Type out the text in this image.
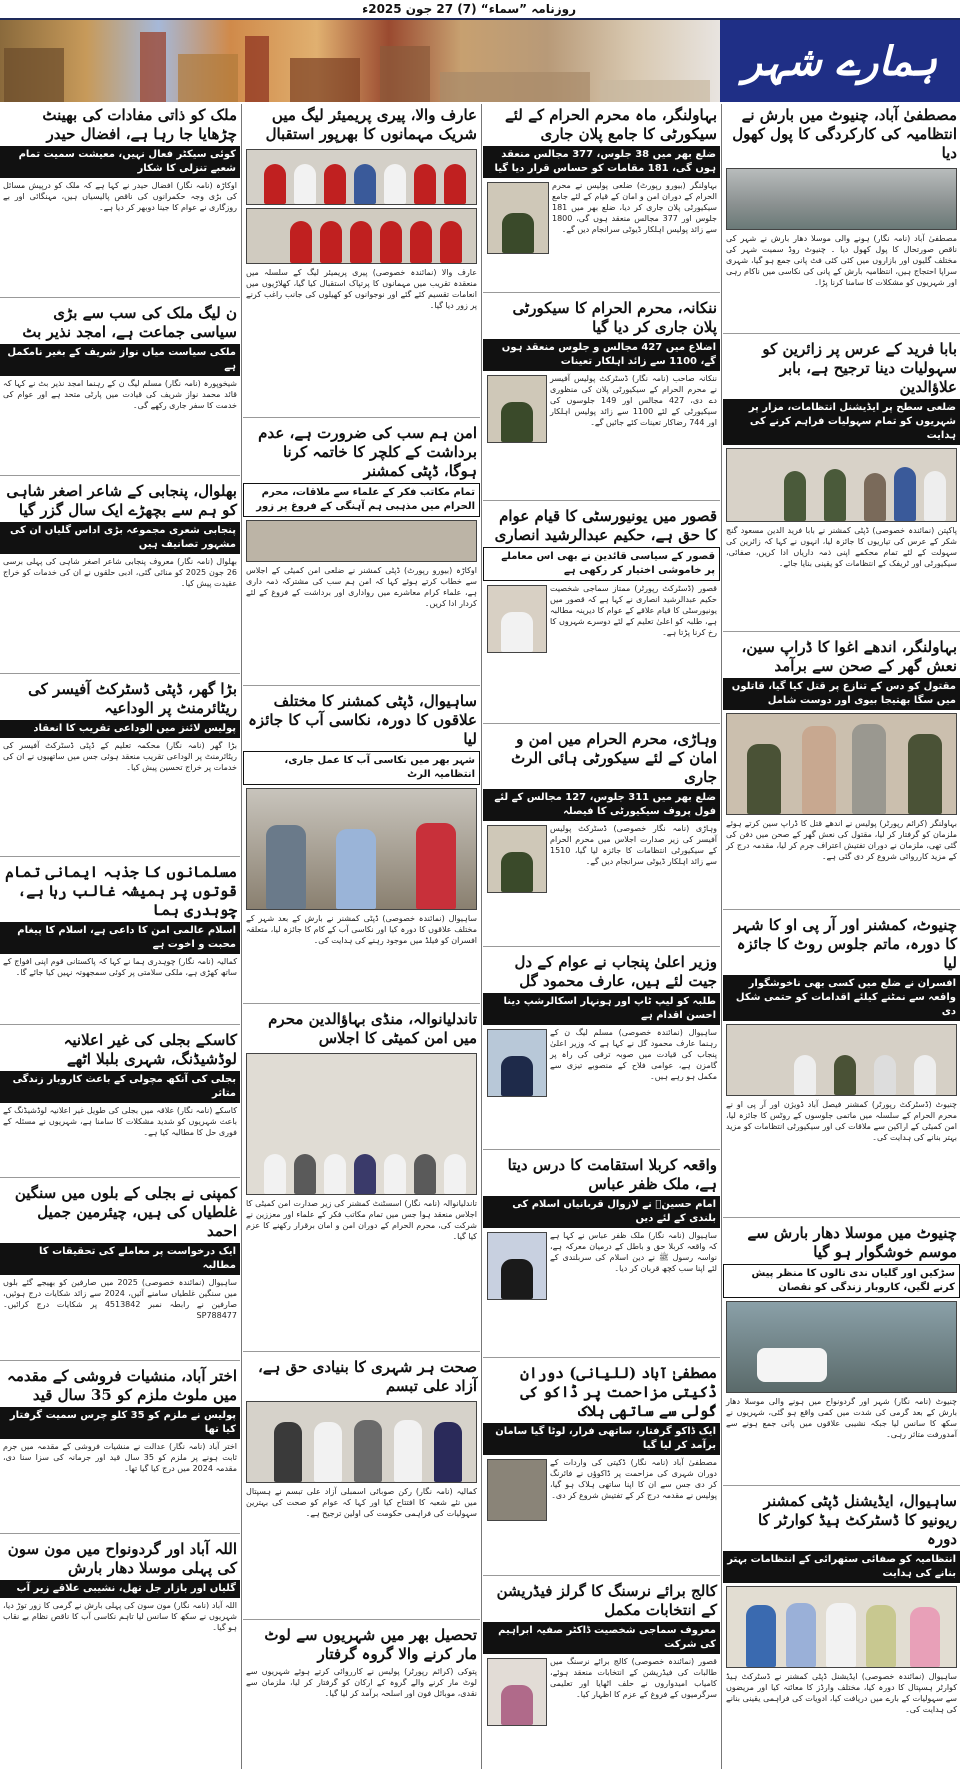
روزنامہ ”سماء“ (7) 27 جون 2025ء
ہمارے شہر

مصطفیٰ آباد، چنیوٹ میں بارش نے انتظامیہ کی کارکردگی کا پول کھول دیا

مصطفیٰ آباد (نامہ نگار) ہونے والی موسلا دھار بارش نے شہر کی ناقص صورتحال کا پول کھول دیا ۔ چنیوٹ روڈ سمیت شہر کی مختلف گلیوں اور بازاروں میں کئی کئی فٹ پانی جمع ہو گیا، شہری سراپا احتجاج ہیں، انتظامیہ بارش کے پانی کی نکاسی میں ناکام رہی اور شہریوں کو مشکلات کا سامنا کرنا پڑا۔

بابا فرید کے عرس پر زائرین کو سہولیات دینا ترجیح ہے، بابر علاؤالدین

ضلعی سطح پر ایڈیشنل انتظامات، مزار پر شہریوں کو تمام سہولیات فراہم کرنے کی ہدایت

پاکپتن (نمائندہ خصوصی) ڈپٹی کمشنر نے بابا فرید الدین مسعود گنج شکر کے عرس کی تیاریوں کا جائزہ لیا، انہوں نے کہا کہ زائرین کی سہولت کے لئے تمام محکمے اپنی ذمہ داریاں ادا کریں، صفائی، سیکیورٹی اور ٹریفک کے انتظامات کو یقینی بنایا جائے۔

بہاولنگر، اندھے اغوا کا ڈراپ سین، نعش گھر کے صحن سے برآمد

مقتول کو دس کے تنازع پر قتل کیا گیا، قاتلوں میں سگا بھتیجا بیوی اور دوست شامل

بہاولنگر (کرائم رپورٹر) پولیس نے اندھے قتل کا ڈراپ سین کرتے ہوئے ملزمان کو گرفتار کر لیا، مقتول کی نعش گھر کے صحن میں دفن کی گئی تھی، ملزمان نے دوران تفتیش اعتراف جرم کر لیا، مقدمہ درج کر کے مزید کارروائی شروع کر دی گئی ہے۔

چنیوٹ، کمشنر اور آر پی او کا شہر کا دورہ، ماتم جلوس روٹ کا جائزہ لیا

افسران نے ضلع میں کسی بھی ناخوشگوار واقعہ سے نمٹنے کیلئے اقدامات کو حتمی شکل دی

چنیوٹ (ڈسٹرکٹ رپورٹر) کمشنر فیصل آباد ڈویژن اور آر پی او نے محرم الحرام کے سلسلہ میں ماتمی جلوسوں کے روٹس کا جائزہ لیا، امن کمیٹی کے اراکین سے ملاقات کی اور سیکیورٹی انتظامات کو مزید بہتر بنانے کی ہدایت کی۔

چنیوٹ میں موسلا دھار بارش سے موسم خوشگوار ہو گیا

سڑکیں اور گلیاں ندی نالوں کا منظر پیش کرنے لگیں، کاروبار زندگی کو نقصان

چنیوٹ (نامہ نگار) شہر اور گردونواح میں ہونے والی موسلا دھار بارش کے بعد گرمی کی شدت میں کمی واقع ہو گئی، شہریوں نے سکھ کا سانس لیا جبکہ نشیبی علاقوں میں پانی جمع ہونے سے آمدورفت متاثر رہی۔

ساہیوال، ایڈیشنل ڈپٹی کمشنر ریونیو کا ڈسٹرکٹ ہیڈ کوارٹر کا دورہ

انتظامیہ کو صفائی ستھرائی کے انتظامات بہتر بنانے کی ہدایت

ساہیوال (نمائندہ خصوصی) ایڈیشنل ڈپٹی کمشنر نے ڈسٹرکٹ ہیڈ کوارٹر ہسپتال کا دورہ کیا، مختلف وارڈز کا معائنہ کیا اور مریضوں سے سہولیات کے بارے میں دریافت کیا، ادویات کی فراہمی یقینی بنانے کی ہدایت کی۔

بہاولنگر، ماہ محرم الحرام کے لئے سیکورٹی کا جامع پلان جاری

ضلع بھر میں 38 جلوس، 377 مجالس منعقد ہوں گی، 181 مقامات کو حساس قرار دیا گیا

بہاولنگر (بیورو رپورٹ) ضلعی پولیس نے محرم الحرام کے دوران امن و امان کے قیام کے لئے جامع سیکیورٹی پلان جاری کر دیا، ضلع بھر میں 181 جلوس اور 377 مجالس منعقد ہوں گی، 1800 سے زائد پولیس اہلکار ڈیوٹی سرانجام دیں گے۔

ننکانہ، محرم الحرام کا سیکورٹی پلان جاری کر دیا گیا

اضلاع میں 427 مجالس و جلوس منعقد ہوں گے، 1100 سے زائد اہلکار تعینات

ننکانہ صاحب (نامہ نگار) ڈسٹرکٹ پولیس آفیسر نے محرم الحرام کے سیکیورٹی پلان کی منظوری دے دی، 427 مجالس اور 149 جلوسوں کی سیکیورٹی کے لئے 1100 سے زائد پولیس اہلکار اور 744 رضاکار تعینات کئے جائیں گے۔

قصور میں یونیورسٹی کا قیام عوام کا حق ہے، حکیم عبدالرشید انصاری

قصور کے سیاسی قائدین نے بھی اس معاملے پر خاموشی اختیار کر رکھی ہے

قصور (ڈسٹرکٹ رپورٹر) ممتاز سماجی شخصیت حکیم عبدالرشید انصاری نے کہا ہے کہ قصور میں یونیورسٹی کا قیام علاقے کے عوام کا دیرینہ مطالبہ ہے، طلبہ کو اعلیٰ تعلیم کے لئے دوسرے شہروں کا رخ کرنا پڑتا ہے۔

وہاڑی، محرم الحرام میں امن و امان کے لئے سیکورٹی ہائی الرٹ جاری

ضلع بھر میں 311 جلوس، 127 مجالس کے لئے فول پروف سیکیورٹی کا فیصلہ

وہاڑی (نامہ نگار خصوصی) ڈسٹرکٹ پولیس آفیسر کی زیر صدارت اجلاس میں محرم الحرام کے سیکیورٹی انتظامات کا جائزہ لیا گیا، 1510 سے زائد اہلکار ڈیوٹی سرانجام دیں گے۔

وزیر اعلیٰ پنجاب نے عوام کے دل جیت لئے ہیں، عارف محمود گل

طلبہ کو لیپ ٹاپ اور ہونہار اسکالرشپ دینا احسن اقدام ہے

ساہیوال (نمائندہ خصوصی) مسلم لیگ ن کے رہنما عارف محمود گل نے کہا ہے کہ وزیر اعلیٰ پنجاب کی قیادت میں صوبہ ترقی کی راہ پر گامزن ہے، عوامی فلاح کے منصوبے تیزی سے مکمل ہو رہے ہیں۔

واقعہ کربلا استقامت کا درس دیتا ہے، ملک ظفر عباس

امام حسینؑ نے لازوال قربانیاں اسلام کی بلندی کے لئے دیں

ساہیوال (نامہ نگار) ملک ظفر عباس نے کہا ہے کہ واقعہ کربلا حق و باطل کے درمیان معرکہ ہے، نواسہ رسول ﷺ نے دین اسلام کی سربلندی کے لئے اپنا سب کچھ قربان کر دیا۔

مصطفیٰ آباد (للیانی) دوران ڈکیتی مزاحمت پر ڈاکو کی گولی سے ساتھی ہلاک

ایک ڈاکو گرفتار، ساتھی فرار، لوٹا گیا سامان برآمد کر لیا گیا

مصطفیٰ آباد (نامہ نگار) ڈکیتی کی واردات کے دوران شہری کی مزاحمت پر ڈاکوؤں نے فائرنگ کر دی جس سے ان کا اپنا ساتھی ہلاک ہو گیا، پولیس نے مقدمہ درج کر کے تفتیش شروع کر دی۔

کالج برائے نرسنگ کا گرلز فیڈریشن کے انتخابات مکمل

معروف سماجی شخصیت ڈاکٹر صفیہ ابراہیم کی شرکت

قصور (نمائندہ خصوصی) کالج برائے نرسنگ میں طالبات کی فیڈریشن کے انتخابات منعقد ہوئے، کامیاب امیدواروں نے حلف اٹھایا اور تعلیمی سرگرمیوں کے فروغ کے عزم کا اظہار کیا۔

عارف والا، پیری پریمیئر لیگ میں شریک مہمانوں کا بھرپور استقبال

عارف والا (نمائندہ خصوصی) پیری پریمیئر لیگ کے سلسلہ میں منعقدہ تقریب میں مہمانوں کا پرتپاک استقبال کیا گیا، کھلاڑیوں میں انعامات تقسیم کئے گئے اور نوجوانوں کو کھیلوں کی جانب راغب کرنے پر زور دیا گیا۔

امن ہم سب کی ضرورت ہے، عدم برداشت کے کلچر کا خاتمہ کرنا ہوگا، ڈپٹی کمشنر

تمام مکاتب فکر کے علماء سے ملاقات، محرم الحرام میں مذہبی ہم آہنگی کے فروغ پر زور

اوکاڑہ (بیورو رپورٹ) ڈپٹی کمشنر نے ضلعی امن کمیٹی کے اجلاس سے خطاب کرتے ہوئے کہا کہ امن ہم سب کی مشترکہ ذمہ داری ہے، علماء کرام معاشرے میں رواداری اور برداشت کے فروغ کے لئے کردار ادا کریں۔

ساہیوال، ڈپٹی کمشنر کا مختلف علاقوں کا دورہ، نکاسی آب کا جائزہ لیا

شہر بھر میں نکاسی آب کا عمل جاری، انتظامیہ الرٹ

ساہیوال (نمائندہ خصوصی) ڈپٹی کمشنر نے بارش کے بعد شہر کے مختلف علاقوں کا دورہ کیا اور نکاسی آب کے کام کا جائزہ لیا، متعلقہ افسران کو فیلڈ میں موجود رہنے کی ہدایت کی۔

تاندلیانوالہ، منڈی بہاؤالدین محرم میں امن کمیٹی کا اجلاس

تاندلیانوالہ (نامہ نگار) اسسٹنٹ کمشنر کی زیر صدارت امن کمیٹی کا اجلاس منعقد ہوا جس میں تمام مکاتب فکر کے علماء اور معززین نے شرکت کی، محرم الحرام کے دوران امن و امان برقرار رکھنے کا عزم کیا گیا۔

صحت ہر شہری کا بنیادی حق ہے، آزاد علی تبسم

کمالیہ (نامہ نگار) رکن صوبائی اسمبلی آزاد علی تبسم نے ہسپتال میں نئے شعبہ کا افتتاح کیا اور کہا کہ عوام کو صحت کی بہترین سہولیات کی فراہمی حکومت کی اولین ترجیح ہے۔

تحصیل بھر میں شہریوں سے لوٹ مار کرنے والا گروہ گرفتار

پتوکی (کرائم رپورٹر) پولیس نے کارروائی کرتے ہوئے شہریوں سے لوٹ مار کرنے والے گروہ کے ارکان کو گرفتار کر لیا، ملزمان سے نقدی، موبائل فون اور اسلحہ برآمد کر لیا گیا۔

ملک کو ذاتی مفادات کی بھینٹ چڑھایا جا رہا ہے، افضال حیدر

کوئی سیکٹر فعال نہیں، معیشت سمیت تمام شعبے تنزلی کا شکار

اوکاڑہ (نامہ نگار) افضال حیدر نے کہا ہے کہ ملک کو درپیش مسائل کی بڑی وجہ حکمرانوں کی ناقص پالیسیاں ہیں، مہنگائی اور بے روزگاری نے عوام کا جینا دوبھر کر دیا ہے۔

ن لیگ ملک کی سب سے بڑی سیاسی جماعت ہے، امجد نذیر بٹ

ملکی سیاست میاں نواز شریف کے بغیر نامکمل ہے

شیخوپورہ (نامہ نگار) مسلم لیگ ن کے رہنما امجد نذیر بٹ نے کہا کہ قائد محمد نواز شریف کی قیادت میں پارٹی متحد ہے اور عوام کی خدمت کا سفر جاری رکھے گی۔

بھلوال، پنجابی کے شاعر اصغر شاہی کو ہم سے بچھڑے ایک سال گزر گیا

پنجابی شعری مجموعہ بڑی اداس گلیاں ان کی مشہور تصانیف ہیں

بھلوال (نامہ نگار) معروف پنجابی شاعر اصغر شاہی کی پہلی برسی 26 جون 2025 کو منائی گئی، ادبی حلقوں نے ان کی خدمات کو خراج عقیدت پیش کیا۔

بڑا گھر، ڈپٹی ڈسٹرکٹ آفیسر کی ریٹائرمنٹ پر الوداعیہ

پولیس لائنز میں الوداعی تقریب کا انعقاد

بڑا گھر (نامہ نگار) محکمہ تعلیم کے ڈپٹی ڈسٹرکٹ آفیسر کی ریٹائرمنٹ پر الوداعی تقریب منعقد ہوئی جس میں ساتھیوں نے ان کی خدمات پر خراج تحسین پیش کیا۔

مسلمانوں کا جذبہ ایمانی تمام قوتوں پر ہمیشہ غالب رہا ہے، چوہدری ہما

اسلام عالمی امن کا داعی ہے، اسلام کا پیغام محبت و اخوت ہے

کمالیہ (نامہ نگار) چوہدری ہما نے کہا کہ پاکستانی قوم اپنی افواج کے ساتھ کھڑی ہے، ملکی سلامتی پر کوئی سمجھوتہ نہیں کیا جائے گا۔

کاسکے بجلی کی غیر اعلانیہ لوڈشیڈنگ، شہری بلبلا اٹھے

بجلی کی آنکھ مچولی کے باعث کاروبار زندگی متاثر

کاسکے (نامہ نگار) علاقہ میں بجلی کی طویل غیر اعلانیہ لوڈشیڈنگ کے باعث شہریوں کو شدید مشکلات کا سامنا ہے، شہریوں نے مسئلہ کے فوری حل کا مطالبہ کیا ہے۔

کمپنی نے بجلی کے بلوں میں سنگین غلطیاں کی ہیں، چیئرمین جمیل احمد

ایک درخواست پر معاملے کی تحقیقات کا مطالبہ

ساہیوال (نمائندہ خصوصی) 2025 میں صارفین کو بھیجے گئے بلوں میں سنگین غلطیاں سامنے آئیں، 2024 سے زائد شکایات درج ہوئیں، صارفین نے رابطہ نمبر 4513842 پر شکایات درج کرائیں۔ SP788477

اختر آباد، منشیات فروشی کے مقدمہ میں ملوث ملزم کو 35 سال قید

پولیس نے ملزم کو 35 کلو چرس سمیت گرفتار کیا تھا

اختر آباد (نامہ نگار) عدالت نے منشیات فروشی کے مقدمہ میں جرم ثابت ہونے پر ملزم کو 35 سال قید اور جرمانہ کی سزا سنا دی، مقدمہ 2024 میں درج کیا گیا تھا۔

اللہ آباد اور گردونواح میں مون سون کی پہلی موسلا دھار بارش

گلیاں اور بازار جل تھل، نشیبی علاقے زیر آب

اللہ آباد (نامہ نگار) مون سون کی پہلی بارش نے گرمی کا زور توڑ دیا، شہریوں نے سکھ کا سانس لیا تاہم نکاسی آب کا ناقص نظام بے نقاب ہو گیا۔
